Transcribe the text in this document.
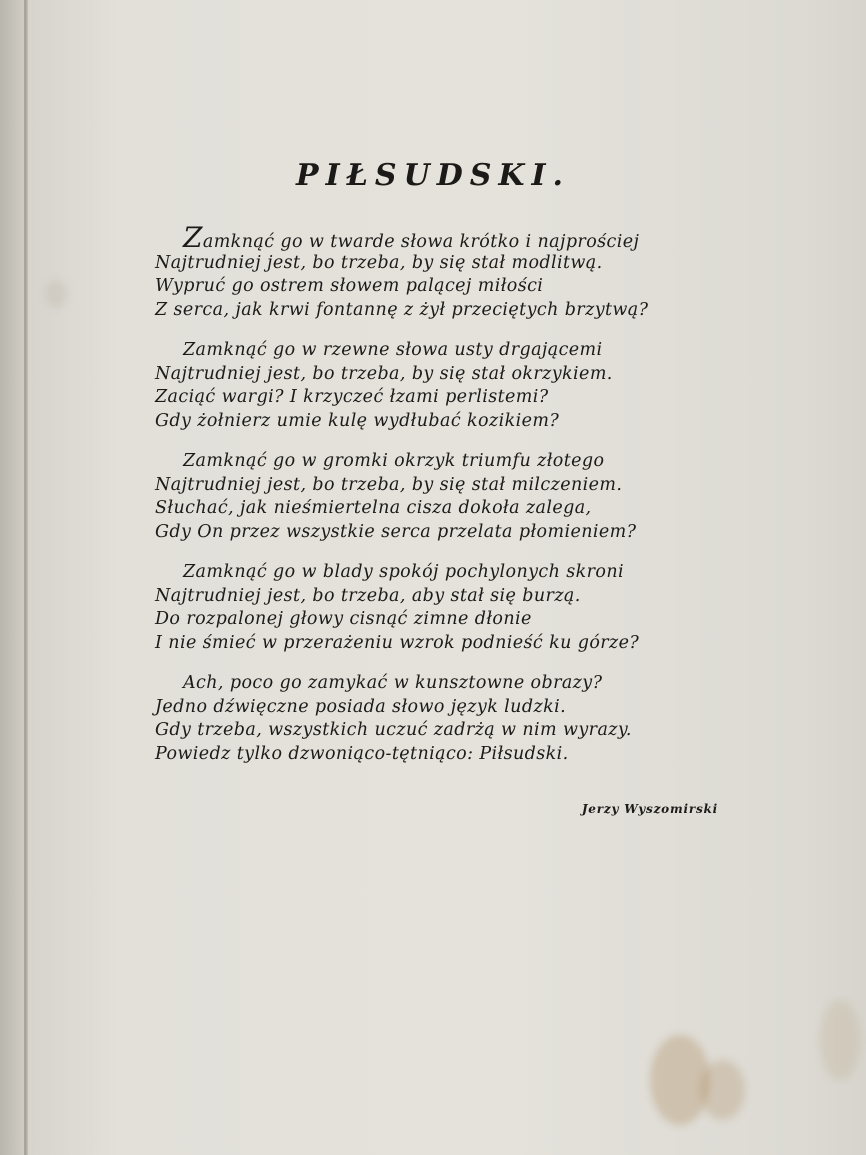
PIŁSUDSKI.
Zamknąć go w twarde słowa krótko i najprościej
Najtrudniej jest, bo trzeba, by się stał modlitwą.
Wypruć go ostrem słowem palącej miłości
Z serca, jak krwi fontannę z żył przeciętych brzytwą?
Zamknąć go w rzewne słowa usty drgającemi
Najtrudniej jest, bo trzeba, by się stał okrzykiem.
Zaciąć wargi? I krzyczeć łzami perlistemi?
Gdy żołnierz umie kulę wydłubać kozikiem?
Zamknąć go w gromki okrzyk triumfu złotego
Najtrudniej jest, bo trzeba, by się stał milczeniem.
Słuchać, jak nieśmiertelna cisza dokoła zalega,
Gdy On przez wszystkie serca przelata płomieniem?
Zamknąć go w blady spokój pochylonych skroni
Najtrudniej jest, bo trzeba, aby stał się burzą.
Do rozpalonej głowy cisnąć zimne dłonie
I nie śmieć w przerażeniu wzrok podnieść ku górze?
Ach, poco go zamykać w kunsztowne obrazy?
Jedno dźwięczne posiada słowo język ludzki.
Gdy trzeba, wszystkich uczuć zadrżą w nim wyrazy.
Powiedz tylko dzwoniąco-tętniąco: Piłsudski.
Jerzy Wyszomirski
